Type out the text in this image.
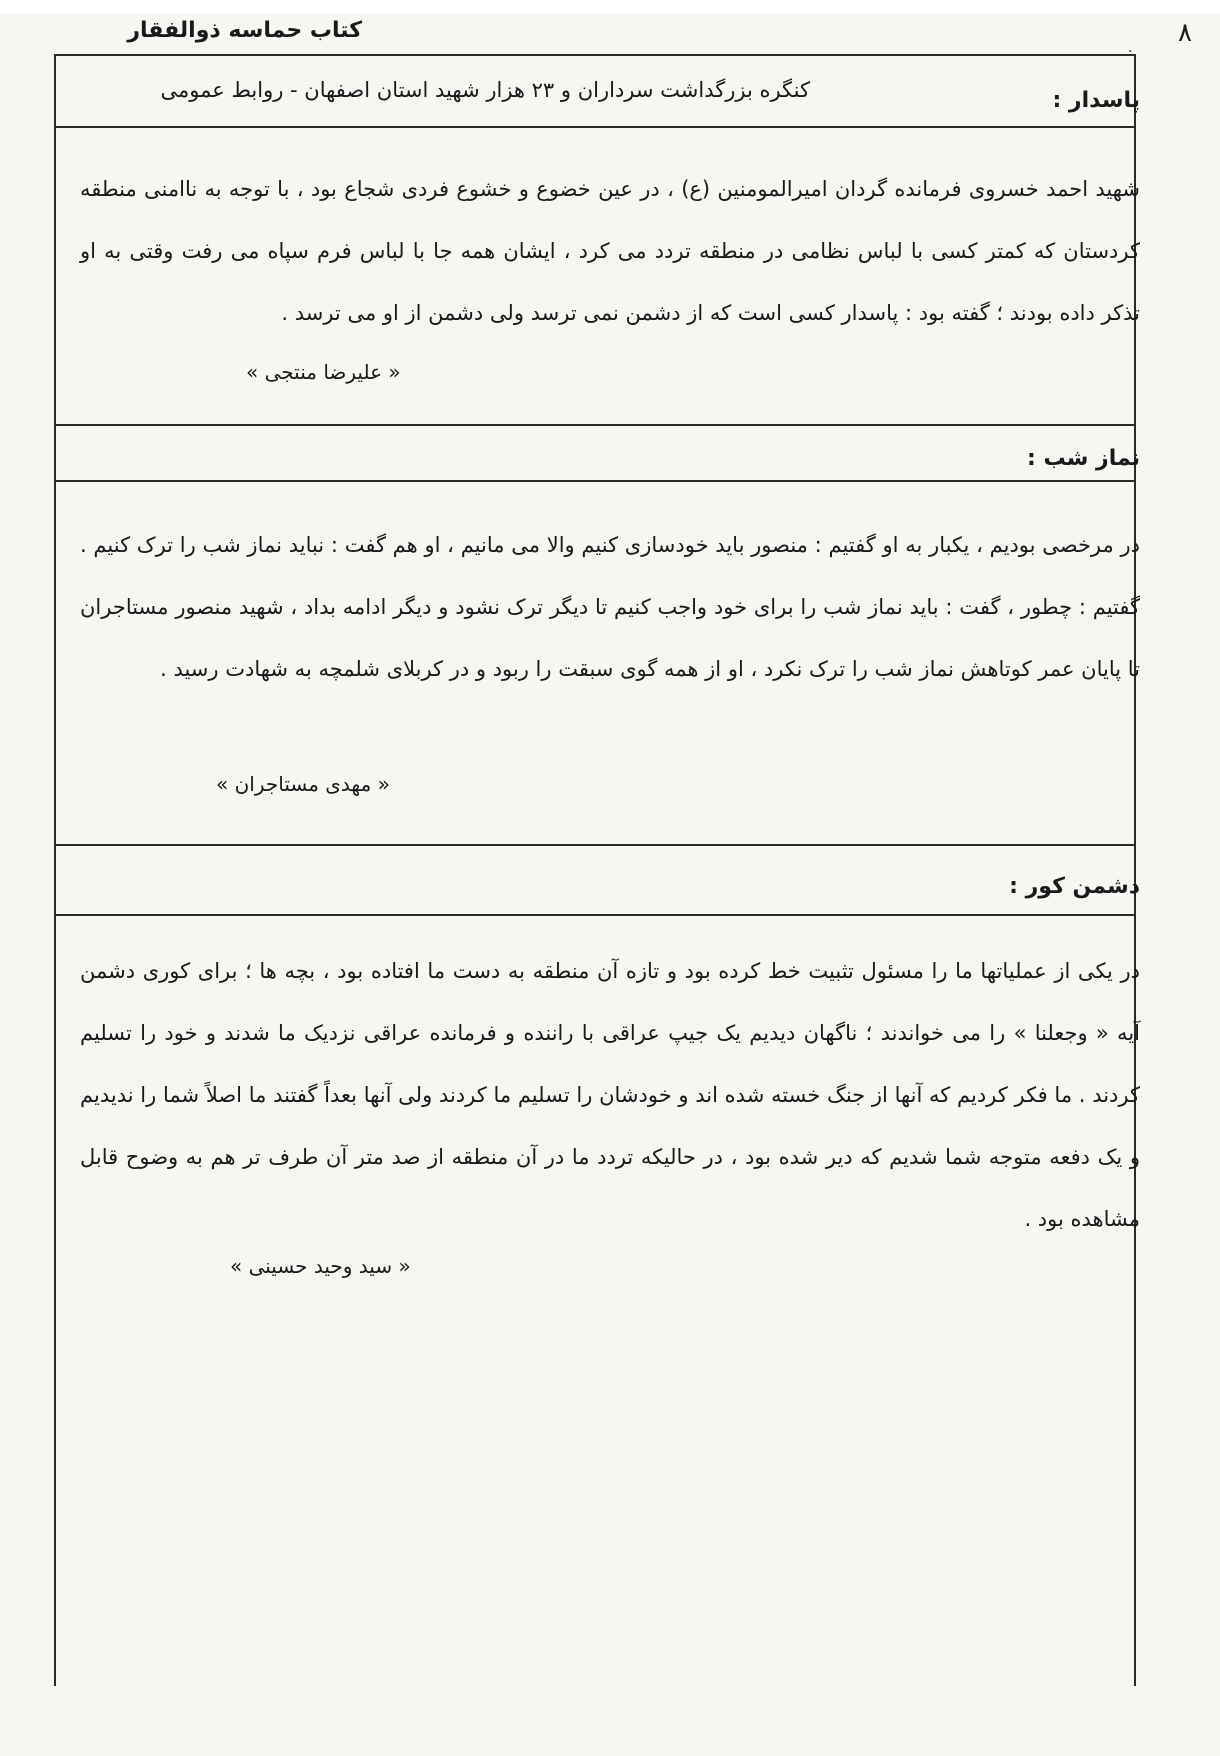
۸
·
کتاب حماسه ذوالفقار
کنگره بزرگداشت سرداران و ۲۳ هزار شهید استان اصفهان - روابط عمومی	پاسدار :
شهید احمد خسروی فرمانده گردان امیرالمومنین (ع) ، در عین خضوع و خشوع فردی شجاع بود ، با توجه به ناامنی منطقه کردستان که کمتر کسی با لباس نظامی در منطقه تردد می کرد ، ایشان همه جا با لباس فرم سپاه می رفت وقتی به او تذکر داده بودند ؛ گفته بود : پاسدار کسی است که از دشمن نمی ترسد ولی دشمن از او می ترسد .
« علیرضا منتجی »
نماز شب :
در مرخصی بودیم ، یکبار به او گفتیم : منصور باید خودسازی کنیم والا می مانیم ، او هم گفت : نباید نماز شب را ترک کنیم . گفتیم : چطور ، گفت : باید نماز شب را برای خود واجب کنیم تا دیگر ترک نشود و دیگر ادامه بداد ، شهید منصور مستاجران تا پایان عمر کوتاهش نماز شب را ترک نکرد ، او از همه گوی سبقت را ربود و در کربلای شلمچه به شهادت رسید .
« مهدی مستاجران »
دشمن کور :
در یکی از عملیاتها ما را مسئول تثبیت خط کرده بود و تازه آن منطقه به دست ما افتاده بود ، بچه ها ؛ برای کوری دشمن آیه « وجعلنا » را می خواندند ؛ ناگهان دیدیم یک جیپ عراقی با راننده و فرمانده عراقی نزدیک ما شدند و خود را تسلیم کردند . ما فکر کردیم که آنها از جنگ خسته شده اند و خودشان را تسلیم ما کردند ولی آنها بعداً گفتند ما اصلاً شما را ندیدیم و یک دفعه متوجه شما شدیم که دیر شده بود ، در حالیکه تردد ما در آن منطقه از صد متر آن طرف تر هم به وضوح قابل مشاهده بود .
« سید وحید حسینی »
